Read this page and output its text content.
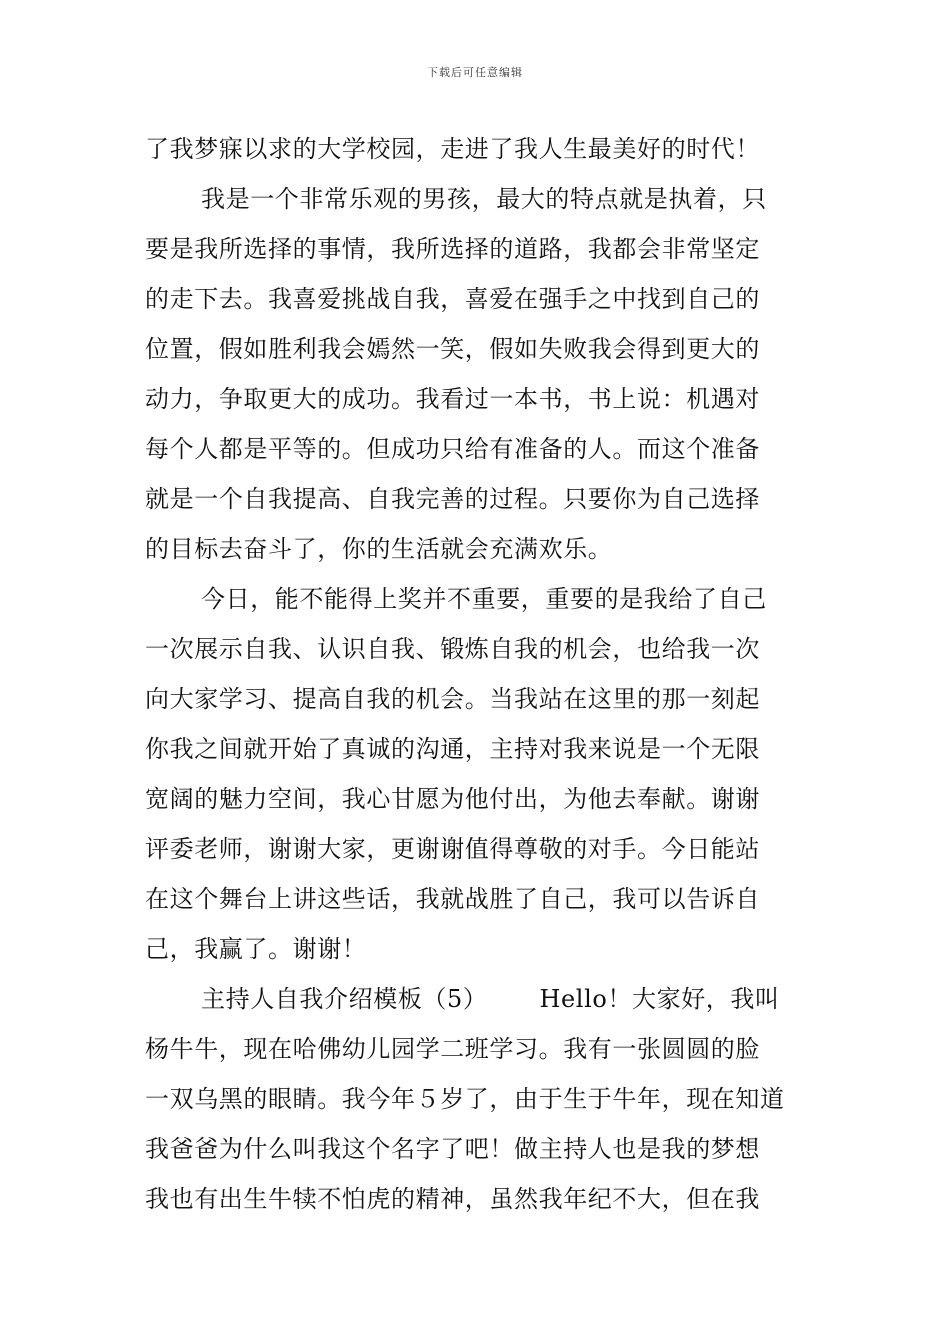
下载后可任意编辑
了我梦寐以求的大学校园，走进了我人生最美好的时代！
我是一个非常乐观的男孩，最大的特点就是执着，只
要是我所选择的事情，我所选择的道路，我都会非常坚定
的走下去。我喜爱挑战自我，喜爱在强手之中找到自己的
位置，假如胜利我会嫣然一笑，假如失败我会得到更大的
动力，争取更大的成功。我看过一本书，书上说：机遇对
每个人都是平等的。但成功只给有准备的人。而这个准备
就是一个自我提高、自我完善的过程。只要你为自己选择
的目标去奋斗了，你的生活就会充满欢乐。
今日，能不能得上奖并不重要，重要的是我给了自己
一次展示自我、认识自我、锻炼自我的机会，也给我一次
向大家学习、提高自我的机会。当我站在这里的那一刻起
你我之间就开始了真诚的沟通，主持对我来说是一个无限
宽阔的魅力空间，我心甘愿为他付出，为他去奉献。谢谢
评委老师，谢谢大家，更谢谢值得尊敬的对手。今日能站
在这个舞台上讲这些话，我就战胜了自己，我可以告诉自
己，我赢了。谢谢！
主持人自我介绍模板（5） Hello！大家好，我叫
杨牛牛，现在哈佛幼儿园学二班学习。我有一张圆圆的脸
一双乌黑的眼睛。我今年５岁了，由于生于牛年，现在知道
我爸爸为什么叫我这个名字了吧！做主持人也是我的梦想
我也有出生牛犊不怕虎的精神，虽然我年纪不大，但在我
